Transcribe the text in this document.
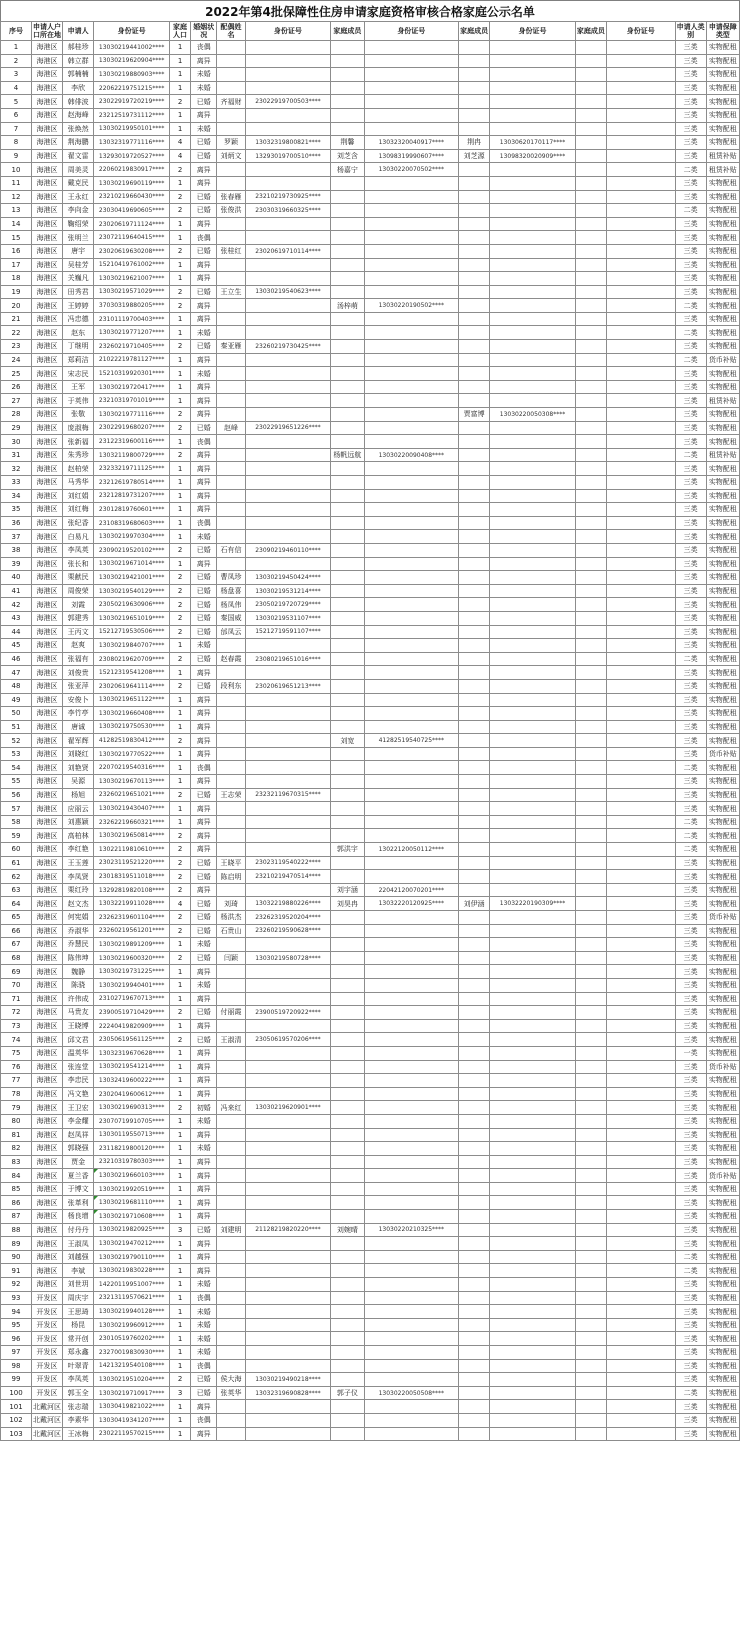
2022年第4批保障性住房申请家庭资格审核合格家庭公示名单
序号	申请人户口所在地	申请人	身份证号	家庭人口	婚姻状况	配偶姓名	身份证号	家庭成员	身份证号	家庭成员	身份证号	家庭成员	身份证号	申请人类别	申请保障类型
1	海港区	郝桂珍	13030219441002****	1	丧偶									三类	实物配租
2	海港区	韩立群	13030219620904****	1	离异									三类	实物配租
3	海港区	郭楠楠	13030219880903****	1	未婚									三类	实物配租
4	海港区	李欣	22062219751215****	1	未婚									三类	实物配租
5	海港区	韩俳波	23022919720219****	2	已婚	齐福财	23022919700503****							三类	实物配租
6	海港区	赵海峰	23212519731112****	1	离异									三类	实物配租
7	海港区	张焕然	13030219950101****	1	未婚									三类	实物配租
8	海港区	荆海鹏	13032319771116****	4	已婚	罗颖	13032319800821****	荆馨	13032320040917****	荆冉	13030620170117****			三类	实物配租
9	海港区	翟文雷	13293019720527****	4	已婚	刘炳文	13293019700510****	刘芝含	13098319990607****	刘芝源	13098320020909****			三类	租赁补贴
10	海港区	周美灵	22060219830917****	2	离异			杨嘉宁	13030220070502****					二类	租赁补贴
11	海港区	戴克民	13030219690119****	1	离异									三类	实物配租
12	海港区	王永红	23210219660430****	2	已婚	张春雁	23210219730925****							三类	实物配租
13	海港区	李向金	23030419690605****	2	已婚	张俊洪	23030319660325****							二类	实物配租
14	海港区	鞠绍荣	23020619711124****	1	离异									三类	实物配租
15	海港区	张明兰	23072119640415****	1	丧偶									三类	实物配租
16	海港区	唐宇	23020619630208****	2	已婚	张桂红	23020619710114****							三类	实物配租
17	海港区	吴桂芳	15210419761002****	1	离异									三类	实物配租
18	海港区	关巍凡	13030219621007****	1	离异									三类	实物配租
19	海港区	田秀君	13030219571029****	2	已婚	王立生	13030219540623****							三类	实物配租
20	海港区	王婷婷	37030319880205****	2	离异			汤梓萌	13030220190502****					二类	实物配租
21	海港区	冯忠德	23101119700403****	1	离异									三类	实物配租
22	海港区	赵东	13030219771207****	1	未婚									二类	实物配租
23	海港区	丁继明	23260219710405****	2	已婚	秦亚雁	23260219730425****							三类	实物配租
24	海港区	郑莉洁	21022219781127****	1	离异									二类	货币补贴
25	海港区	宋志民	15210319920301****	1	未婚									三类	实物配租
26	海港区	王军	13030219720417****	1	离异									三类	实物配租
27	海港区	于英伟	23210319701019****	1	离异									三类	租赁补贴
28	海港区	张敬	13030219771116****	2	离异					贾富博	13030220050308****			三类	实物配租
29	海港区	庞淑梅	23022919680207****	2	已婚	赵峰	23022919651226****							三类	实物配租
30	海港区	张新福	23122319600116****	1	丧偶									三类	实物配租
31	海港区	朱秀珍	13032119800729****	2	离异			杨帆远航	13030220090408****					二类	租赁补贴
32	海港区	赵柏荣	23233219711125****	1	离异									三类	实物配租
33	海港区	马秀华	23212619780514****	1	离异									三类	实物配租
34	海港区	刘红娟	23212819731207****	1	离异									三类	实物配租
35	海港区	刘红梅	23012819760601****	1	离异									三类	实物配租
36	海港区	张纪香	23108319680603****	1	丧偶									三类	实物配租
37	海港区	白易凡	13030219970304****	1	未婚									三类	实物配租
38	海港区	李凤英	23090219520102****	2	已婚	石有信	23090219460110****							三类	实物配租
39	海港区	张长和	13030219671014****	1	离异									三类	实物配租
40	海港区	栗献民	13030219421001****	2	已婚	曹凤珍	13030219450424****							三类	实物配租
41	海港区	周俊荣	13030219540129****	2	已婚	杨盘喜	13030219531214****							三类	实物配租
42	海港区	刘霞	23050219630906****	2	已婚	杨凤伟	23050219720729****							三类	实物配租
43	海港区	郭建秀	13030219651019****	2	已婚	秦国威	13030219531107****							三类	实物配租
44	海港区	王丙文	15212719530506****	2	已婚	邰凤云	15212719591107****							三类	实物配租
45	海港区	赵爽	13030219840707****	1	未婚									三类	实物配租
46	海港区	张福有	23080219620709****	2	已婚	赵春霞	23080219651016****							二类	实物配租
47	海港区	刘俊贵	15212319541208****	1	离异									三类	实物配租
48	海港区	张亚萍	23020619641114****	2	已婚	段利东	23020619651213****							三类	实物配租
49	海港区	安俊卜	13030219651122****	1	离异									三类	实物配租
50	海港区	李竹亭	13030219660408****	1	离异									三类	实物配租
51	海港区	唐诚	13030219750530****	1	离异									三类	实物配租
52	海港区	翟军辉	41282519830412****	2	离异			刘宽	41282519540725****					三类	实物配租
53	海港区	刘晓红	13030219770522****	1	离异									三类	货币补贴
54	海港区	刘艳贤	22070219540316****	1	丧偶									二类	实物配租
55	海港区	吴源	13030219670113****	1	离异									三类	实物配租
56	海港区	杨旭	23260219651021****	2	已婚	王志荣	23232119670315****							三类	实物配租
57	海港区	应丽云	13030219430407****	1	离异									三类	实物配租
58	海港区	刘惠颖	23262219660321****	1	离异									二类	实物配租
59	海港区	高柏林	13030219650814****	2	离异									二类	实物配租
60	海港区	李红艳	13022119810610****	2	离异			郭洪宇	13022120050112****					二类	实物配租
61	海港区	王玉莲	23023119521220****	2	已婚	王晓平	23023119540222****							三类	实物配租
62	海港区	李凤贤	23018319511018****	2	已婚	陈启明	23210219470514****							三类	实物配租
63	海港区	栗红玲	13292819820108****	2	离异			刘宇涵	22042120070201****					三类	实物配租
64	海港区	赵文杰	13032219911028****	4	已婚	刘琦	13032219880226****	刘昊冉	13032220120925****	刘伊涵	13032220190309****			三类	实物配租
65	海港区	何宪娟	23262319601104****	2	已婚	杨洪杰	23262319520204****							三类	货币补贴
66	海港区	乔淑华	23260219561201****	2	已婚	石贵山	23260219590628****							三类	实物配租
67	海港区	乔慧民	13030219891209****	1	未婚									三类	实物配租
68	海港区	陈伟坤	13030219600320****	2	已婚	闫颖	13030219580728****							三类	实物配租
69	海港区	魏静	13030219731225****	1	离异									三类	实物配租
70	海港区	陈骁	13030219940401****	1	未婚									三类	实物配租
71	海港区	许伟成	23102719670713****	1	离异									三类	实物配租
72	海港区	马贵友	23900519710429****	2	已婚	付丽霞	23900519720922****							三类	实物配租
73	海港区	王晓博	22240419820909****	1	离异									三类	实物配租
74	海港区	邱文君	23050619561125****	2	已婚	王淑清	23050619570206****							三类	实物配租
75	海港区	温英华	13032319670628****	1	离异									一类	实物配租
76	海港区	张连堂	13030219541214****	1	离异									三类	货币补贴
77	海港区	李忠民	13032419600222****	1	离异									三类	实物配租
78	海港区	冯文艳	23020419600612****	1	离异									三类	实物配租
79	海港区	王卫宏	13030219690313****	2	初婚	冯来红	13030219620901****							三类	实物配租
80	海港区	李金耀	23070719910705****	1	未婚									三类	实物配租
81	海港区	赵凤祥	13030119550713****	1	离异									三类	实物配租
82	海港区	郭晓强	23118219800120****	1	未婚									三类	实物配租
83	海港区	贾金	23210319780303****	1	离异									三类	实物配租
84	海港区	夏兰香	13030219660103****	1	离异									三类	货币补贴
85	海港区	于博文	13030219920519****	1	离异									三类	实物配租
86	海港区	张革利	13030219681110****	1	离异									三类	实物配租
87	海港区	杨良增	13030219710608****	1	离异									三类	实物配租
88	海港区	付丹丹	13030219820925****	3	已婚	刘建明	21128219820220****	刘婉晴	13030220210325****					三类	实物配租
89	海港区	王淑凤	13030219470212****	1	离异									三类	实物配租
90	海港区	刘越强	13030219790110****	1	离异									二类	实物配租
91	海港区	李斌	13030219830228****	1	离异									二类	实物配租
92	海港区	刘世玥	14220119951007****	1	未婚									三类	实物配租
93	开发区	周庆宇	23213119570621****	1	丧偶									三类	实物配租
94	开发区	王思琦	13030219940128****	1	未婚									三类	实物配租
95	开发区	杨昆	13030219960912****	1	未婚									三类	实物配租
96	开发区	常开创	23010519760202****	1	未婚									三类	实物配租
97	开发区	郑永鑫	23270019830930****	1	未婚									三类	实物配租
98	开发区	叶翠青	14213219540108****	1	丧偶									三类	实物配租
99	开发区	李凤英	13030219510204****	2	已婚	侯大海	13030219490218****							三类	实物配租
100	开发区	郭玉全	13030219710917****	3	已婚	张英华	13032319690828****	郭子仪	13030220050508****					二类	实物配租
101	北戴河区	张志瑞	13030419821022****	1	离异									三类	实物配租
102	北戴河区	李素华	13030419341207****	1	丧偶									三类	实物配租
103	北戴河区	王冰梅	23022119570215****	1	离异									三类	实物配租
